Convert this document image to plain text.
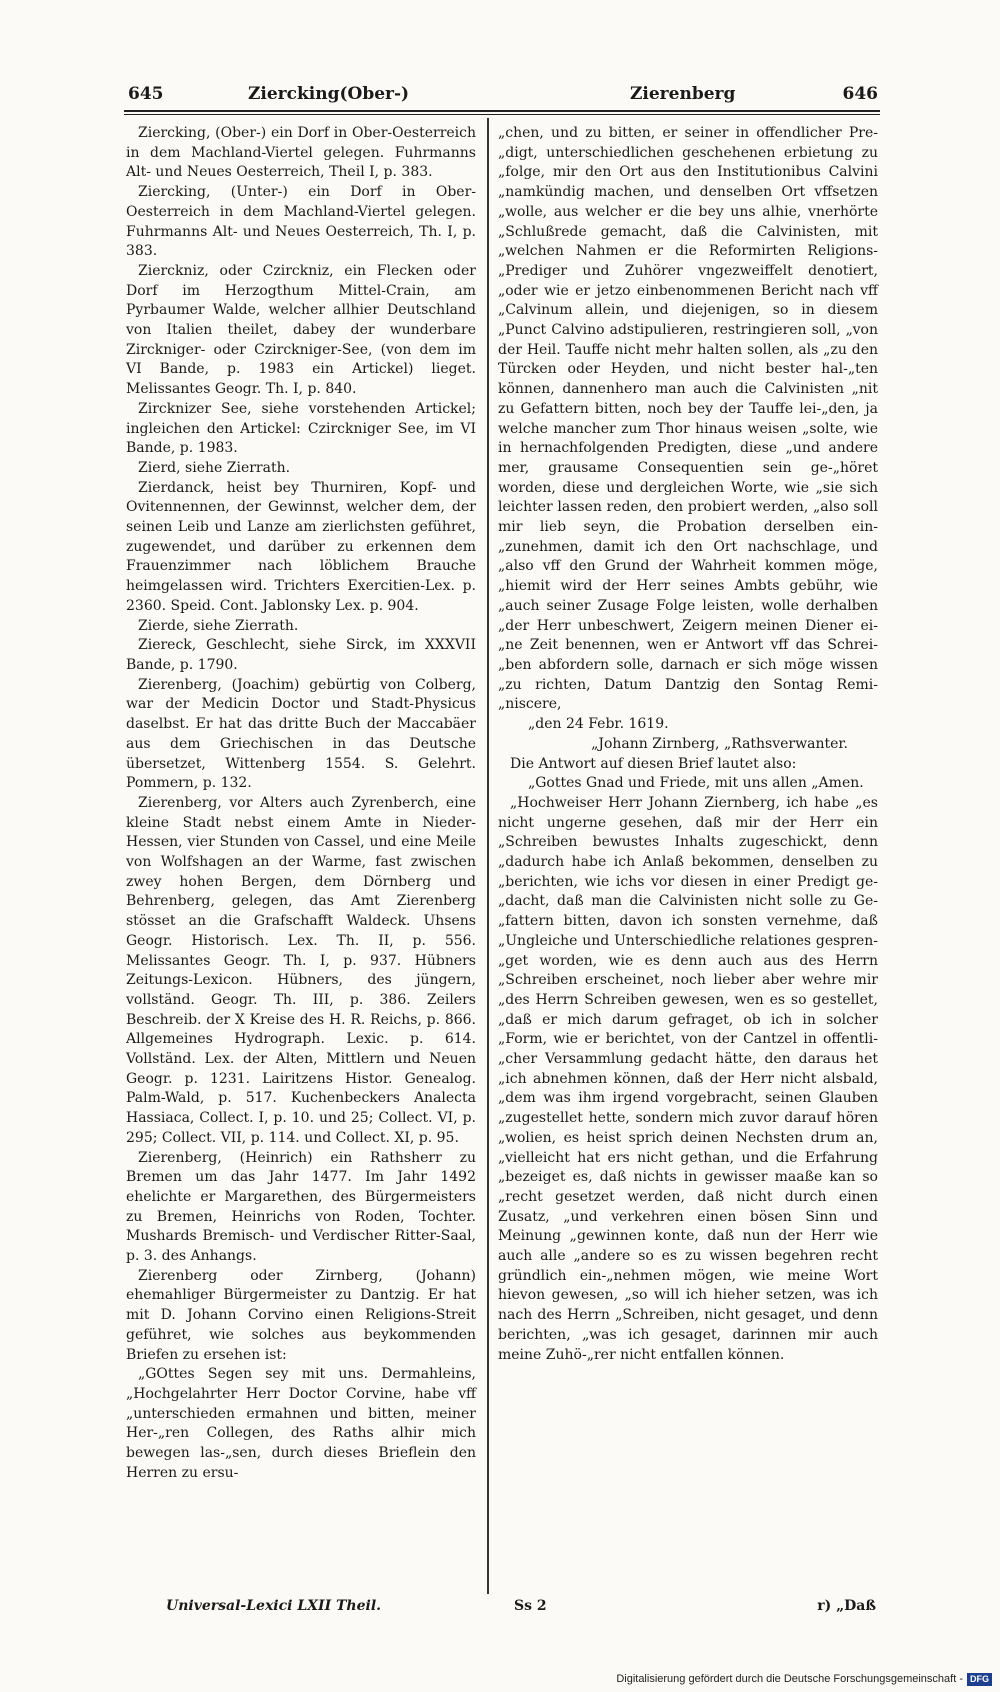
645	Ziercking(Ober-)	Zierenberg	646

Ziercking, (Ober-) ein Dorf in Ober-Oesterreich in dem Machland-Viertel gelegen. Fuhrmanns Alt- und Neues Oesterreich, Theil I, p. 383.

Ziercking, (Unter-) ein Dorf in Ober-Oesterreich in dem Machland-Viertel gelegen. Fuhrmanns Alt- und Neues Oesterreich, Th. I, p. 383.

Zierckniz, oder Czirckniz, ein Flecken oder Dorf im Herzogthum Mittel-Crain, am Pyrbaumer Walde, welcher allhier Deutschland von Italien theilet, dabey der wunderbare Zirckniger- oder Czirckniger-See, (von dem im VI Bande, p. 1983 ein Artickel) lieget. Melissantes Geogr. Th. I, p. 840.

Zircknizer See, siehe vorstehenden Artickel; ingleichen den Artickel: Czirckniger See, im VI Bande, p. 1983.

Zierd, siehe Zierrath.

Zierdanck, heist bey Thurniren, Kopf- und Ovitennennen, der Gewinnst, welcher dem, der seinen Leib und Lanze am zierlichsten geführet, zugewendet, und darüber zu erkennen dem Frauenzimmer nach löblichem Brauche heimgelassen wird. Trichters Exercitien-Lex. p. 2360. Speid. Cont. Jablonsky Lex. p. 904.

Zierde, siehe Zierrath.

Ziereck, Geschlecht, siehe Sirck, im XXXVII Bande, p. 1790.

Zierenberg, (Joachim) gebürtig von Colberg, war der Medicin Doctor und Stadt-Physicus daselbst. Er hat das dritte Buch der Maccabäer aus dem Griechischen in das Deutsche übersetzet, Wittenberg 1554. S. Gelehrt. Pommern, p. 132.

Zierenberg, vor Alters auch Zyrenberch, eine kleine Stadt nebst einem Amte in Nieder-Hessen, vier Stunden von Cassel, und eine Meile von Wolfshagen an der Warme, fast zwischen zwey hohen Bergen, dem Dörnberg und Behrenberg, gelegen, das Amt Zierenberg stösset an die Grafschafft Waldeck. Uhsens Geogr. Historisch. Lex. Th. II, p. 556. Melissantes Geogr. Th. I, p. 937. Hübners Zeitungs-Lexicon. Hübners, des jüngern, vollständ. Geogr. Th. III, p. 386. Zeilers Beschreib. der X Kreise des H. R. Reichs, p. 866. Allgemeines Hydrograph. Lexic. p. 614. Vollständ. Lex. der Alten, Mittlern und Neuen Geogr. p. 1231. Lairitzens Histor. Genealog. Palm-Wald, p. 517. Kuchenbeckers Analecta Hassiaca, Collect. I, p. 10. und 25; Collect. VI, p. 295; Collect. VII, p. 114. und Collect. XI, p. 95.

Zierenberg, (Heinrich) ein Rathsherr zu Bremen um das Jahr 1477. Im Jahr 1492 ehelichte er Margarethen, des Bürgermeisters zu Bremen, Heinrichs von Roden, Tochter. Mushards Bremisch- und Verdischer Ritter-Saal, p. 3. des Anhangs.

Zierenberg oder Zirnberg, (Johann) ehemahliger Bürgermeister zu Dantzig. Er hat mit D. Johann Corvino einen Religions-Streit geführet, wie solches aus beykommenden Briefen zu ersehen ist:

„GOttes Segen sey mit uns. Dermahleins, „Hochgelahrter Herr Doctor Corvine, habe vff „unterschieden ermahnen und bitten, meiner Her-„ren Collegen, des Raths alhir mich bewegen las-„sen, durch dieses Brieflein den Herren zu ersu-

„chen, und zu bitten, er seiner in offendlicher Pre-„digt, unterschiedlichen geschehenen erbietung zu „folge, mir den Ort aus den Institutionibus Calvini „namkündig machen, und denselben Ort vffsetzen „wolle, aus welcher er die bey uns alhie, vnerhörte „Schlußrede gemacht, daß die Calvinisten, mit „welchen Nahmen er die Reformirten Religions-„Prediger und Zuhörer vngezweiffelt denotiert, „oder wie er jetzo einbenommenen Bericht nach vff „Calvinum allein, und diejenigen, so in diesem „Punct Calvino adstipulieren, restringieren soll, „von der Heil. Tauffe nicht mehr halten sollen, als „zu den Türcken oder Heyden, und nicht bester hal-„ten können, dannenhero man auch die Calvinisten „nit zu Gefattern bitten, noch bey der Tauffe lei-„den, ja welche mancher zum Thor hinaus weisen „solte, wie in hernachfolgenden Predigten, diese „und andere mer, grausame Consequentien sein ge-„höret worden, diese und dergleichen Worte, wie „sie sich leichter lassen reden, den probiert werden, „also soll mir lieb seyn, die Probation derselben ein-„zunehmen, damit ich den Ort nachschlage, und „also vff den Grund der Wahrheit kommen möge, „hiemit wird der Herr seines Ambts gebühr, wie „auch seiner Zusage Folge leisten, wolle derhalben „der Herr unbeschwert, Zeigern meinen Diener ei-„ne Zeit benennen, wen er Antwort vff das Schrei-„ben abfordern solle, darnach er sich möge wissen „zu richten, Datum Dantzig den Sontag Remi-„niscere,

„den 24 Febr. 1619.

„Johann Zirnberg, „Rathsverwanter.

Die Antwort auf diesen Brief lautet also:

„Gottes Gnad und Friede, mit uns allen „Amen.

„Hochweiser Herr Johann Ziernberg, ich habe „es nicht ungerne gesehen, daß mir der Herr ein „Schreiben bewustes Inhalts zugeschickt, denn „dadurch habe ich Anlaß bekommen, denselben zu „berichten, wie ichs vor diesen in einer Predigt ge-„dacht, daß man die Calvinisten nicht solle zu Ge-„fattern bitten, davon ich sonsten vernehme, daß „Ungleiche und Unterschiedliche relationes gespren-„get worden, wie es denn auch aus des Herrn „Schreiben erscheinet, noch lieber aber wehre mir „des Herrn Schreiben gewesen, wen es so gestellet, „daß er mich darum gefraget, ob ich in solcher „Form, wie er berichtet, von der Cantzel in offentli-„cher Versammlung gedacht hätte, den daraus het „ich abnehmen können, daß der Herr nicht alsbald, „dem was ihm irgend vorgebracht, seinen Glauben „zugestellet hette, sondern mich zuvor darauf hören „wolien, es heist sprich deinen Nechsten drum an, „vielleicht hat ers nicht gethan, und die Erfahrung „bezeiget es, daß nichts in gewisser maaße kan so „recht gesetzet werden, daß nicht durch einen Zusatz, „und verkehren einen bösen Sinn und Meinung „gewinnen konte, daß nun der Herr wie auch alle „andere so es zu wissen begehren recht gründlich ein-„nehmen mögen, wie meine Wort hievon gewesen, „so will ich hieher setzen, was ich nach des Herrn „Schreiben, nicht gesaget, und denn berichten, „was ich gesaget, darinnen mir auch meine Zuhö-„rer nicht entfallen können.

Universal-Lexici LXII Theil.	Ss 2	r) „Daß
Digitalisierung gefördert durch die Deutsche Forschungsgemeinschaft - DFG
